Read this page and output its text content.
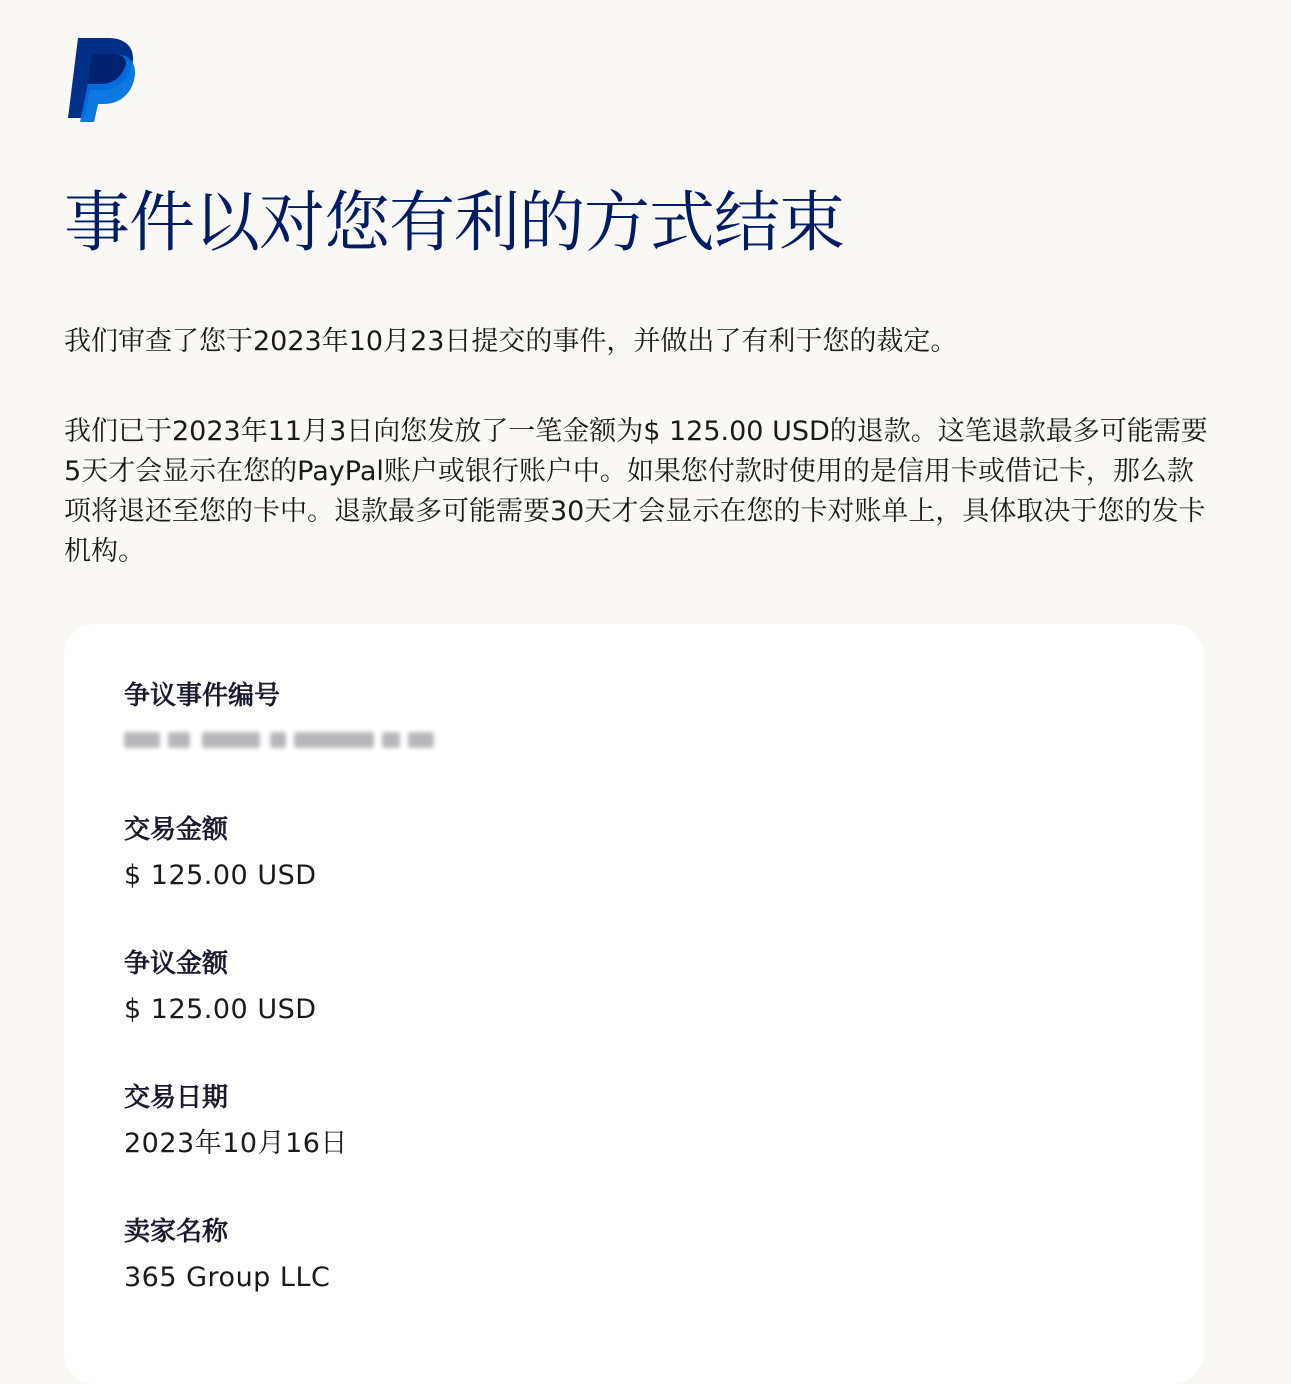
事件以对您有利的方式结束

我们审查了您于2023年10月23日提交的事件，并做出了有利于您的裁定。

我们已于2023年11月3日向您发放了一笔金额为$ 125.00 USD的退款。这笔退款最多可能需要5天才会显示在您的PayPal账户或银行账户中。如果您付款时使用的是信用卡或借记卡，那么款项将退还至您的卡中。退款最多可能需要30天才会显示在您的卡对账单上，具体取决于您的发卡机构。

争议事件编号
交易金额
$ 125.00 USD
争议金额
$ 125.00 USD
交易日期
2023年10月16日
卖家名称
365 Group LLC
